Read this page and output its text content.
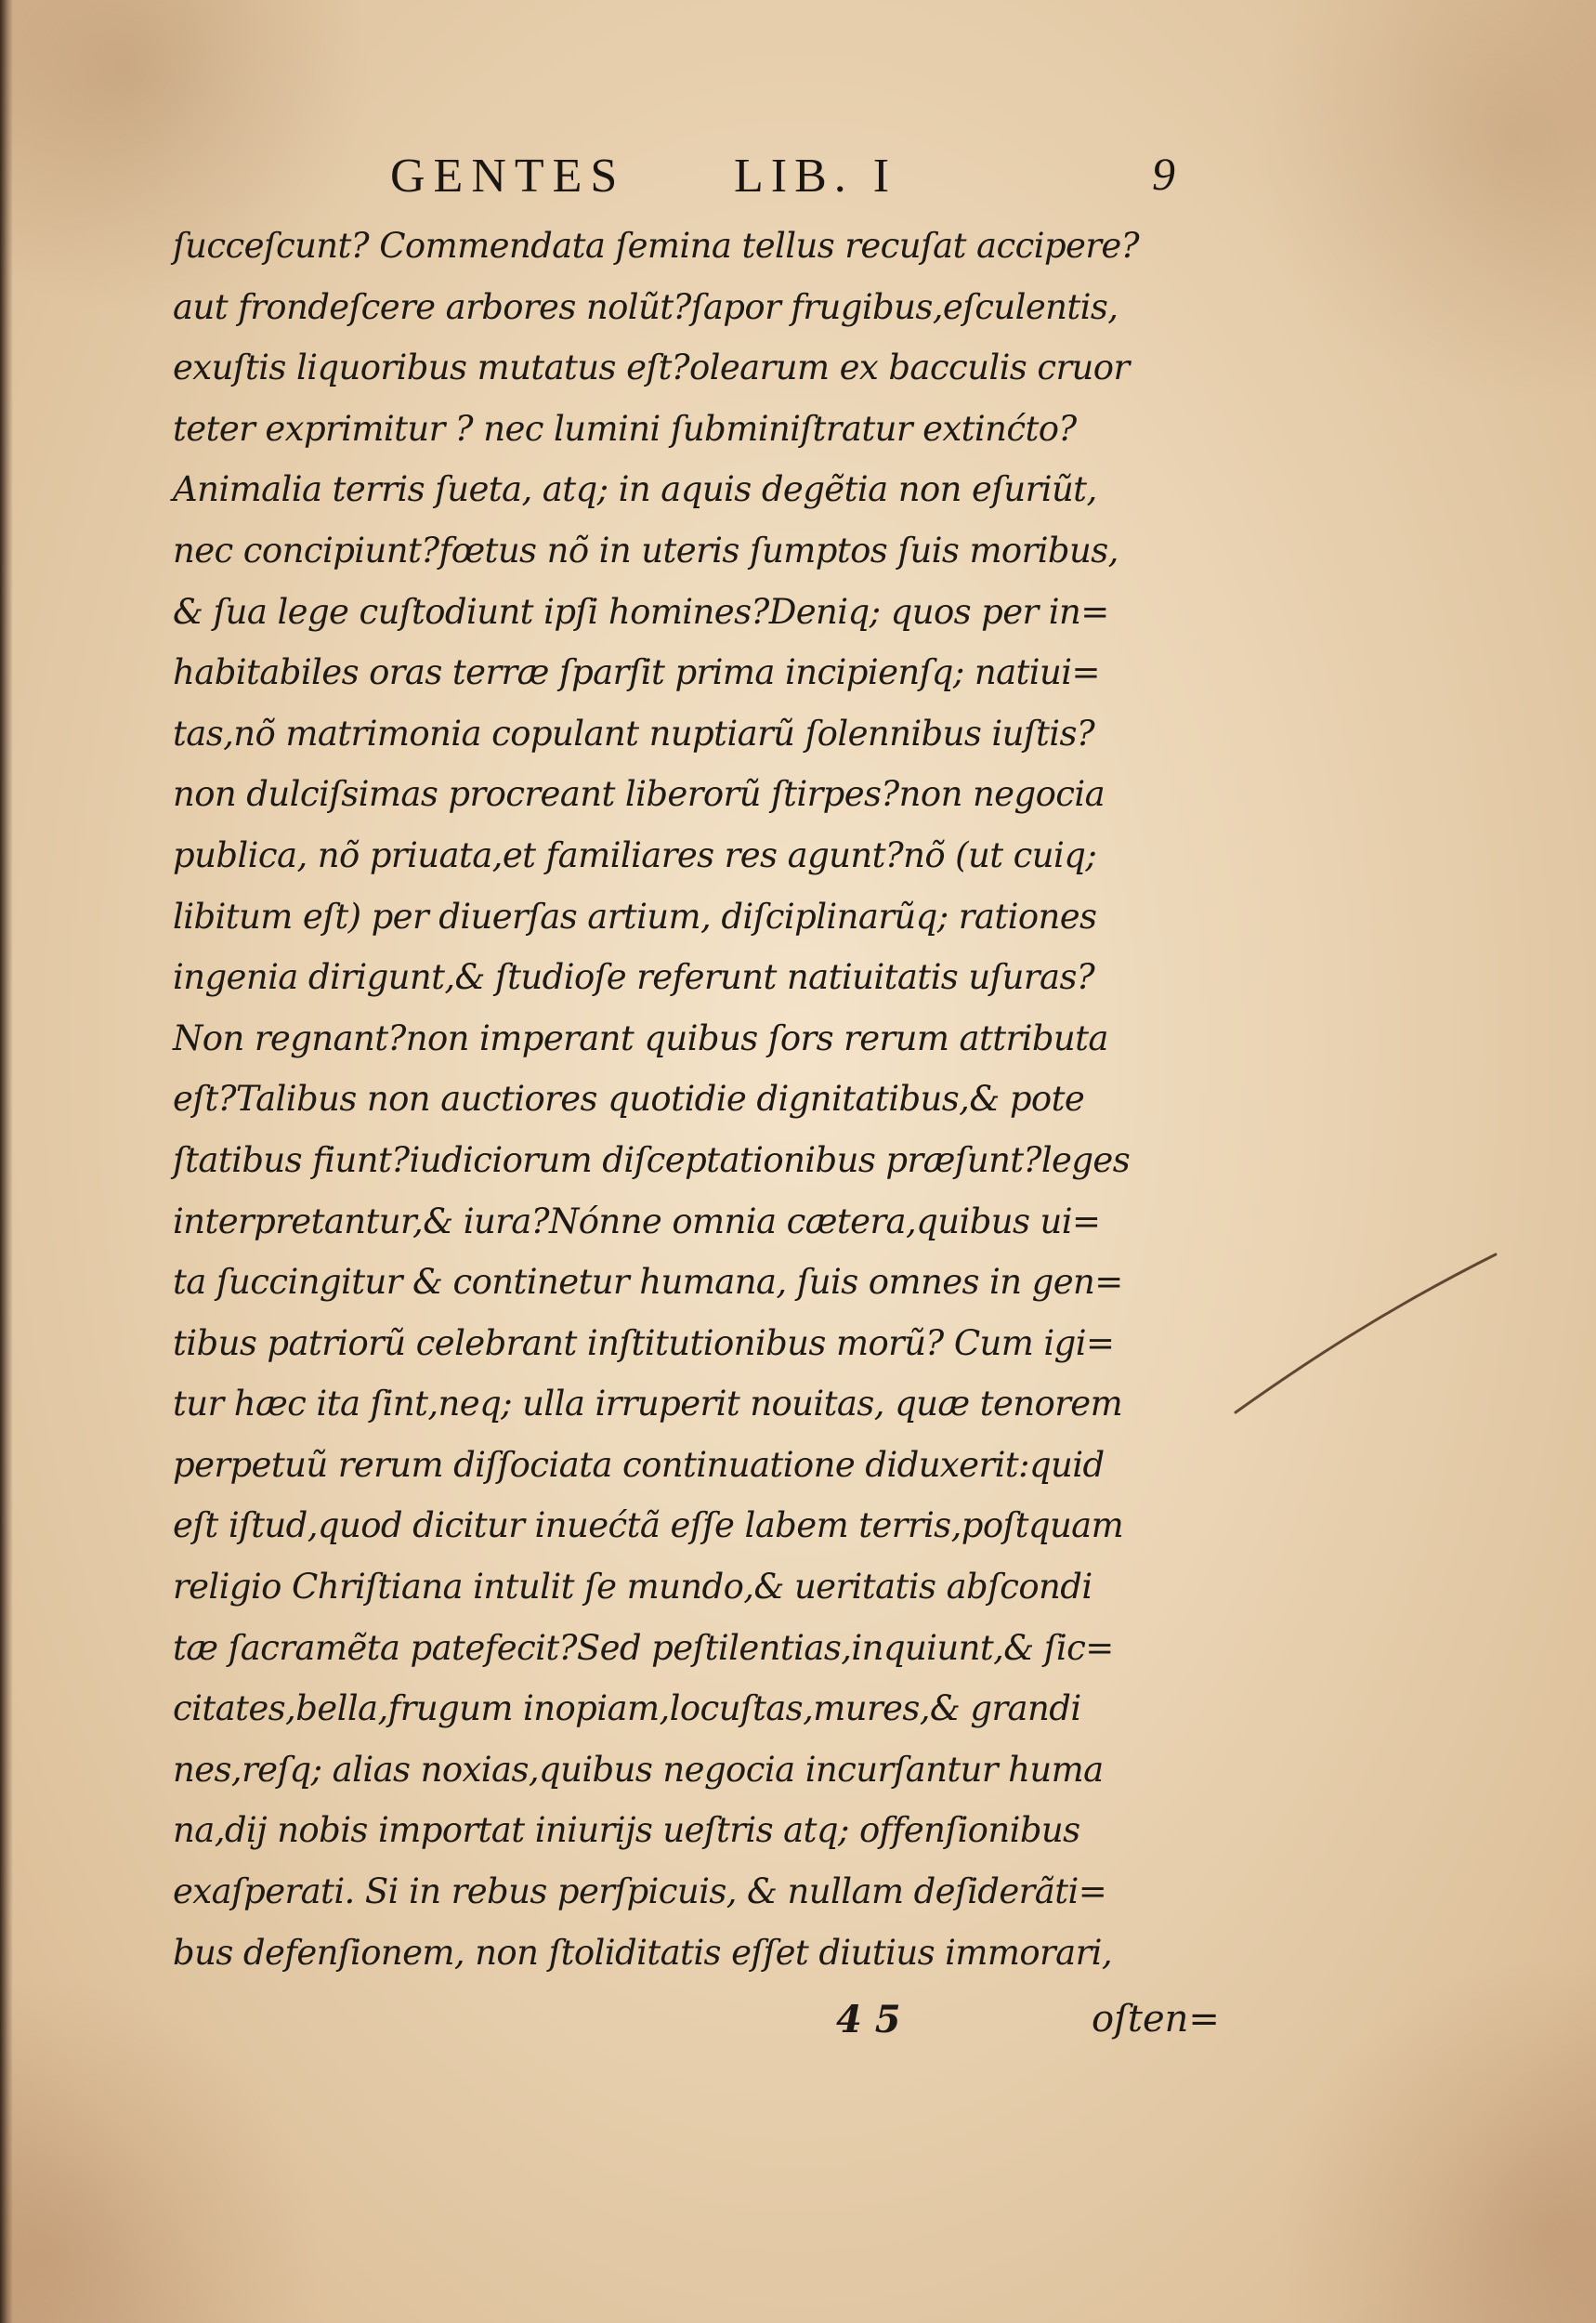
GENTES LIB. I	9
ſucceſcunt? Commendata ſemina tellus recuſat accipere?
aut frondeſcere arbores nolũt?ſapor frugibus,eſculentis,
exuſtis liquoribus mutatus eſt?olearum ex bacculis cruor
teter exprimitur ? nec lumini ſubminiſtratur extinćto?
Animalia terris ſueta, atq; in aquis degẽtia non eſuriũt,
nec concipiunt?fœtus nõ in uteris ſumptos ſuis moribus,
& ſua lege cuſtodiunt ipſi homines?Deniq; quos per in=
habitabiles oras terræ ſparſit prima incipienſq; natiui=
tas,nõ matrimonia copulant nuptiarũ ſolennibus iuſtis?
non dulciſsimas procreant liberorũ ſtirpes?non negocia
publica, nõ priuata,et familiares res agunt?nõ (ut cuiq;
libitum eſt) per diuerſas artium, diſciplinarũq; rationes
ingenia dirigunt,& ſtudioſe referunt natiuitatis uſuras?
Non regnant?non imperant quibus ſors rerum attributa
eſt?Talibus non auctiores quotidie dignitatibus,& pote
ſtatibus fiunt?iudiciorum diſceptationibus præſunt?leges
interpretantur,& iura?Nónne omnia cætera,quibus ui=
ta ſuccingitur & continetur humana, ſuis omnes in gen=
tibus patriorũ celebrant inſtitutionibus morũ? Cum igi=
tur hæc ita ſint,neq; ulla irruperit nouitas, quæ tenorem
perpetuũ rerum diſſociata continuatione diduxerit:quid
eſt iſtud,quod dicitur inuećtã eſſe labem terris,poſtquam
religio Chriſtiana intulit ſe mundo,& ueritatis abſcondi
tæ ſacramẽta patefecit?Sed peſtilentias,inquiunt,& ſic=
citates,bella,frugum inopiam,locuſtas,mures,& grandi
nes,reſq; alias noxias,quibus negocia incurſantur huma
na,dij nobis importat iniurijs ueſtris atq; offenſionibus
exaſperati. Si in rebus perſpicuis, & nullam deſiderãti=
bus defenſionem, non ſtoliditatis eſſet diutius immorari,
4 5	oſten=
